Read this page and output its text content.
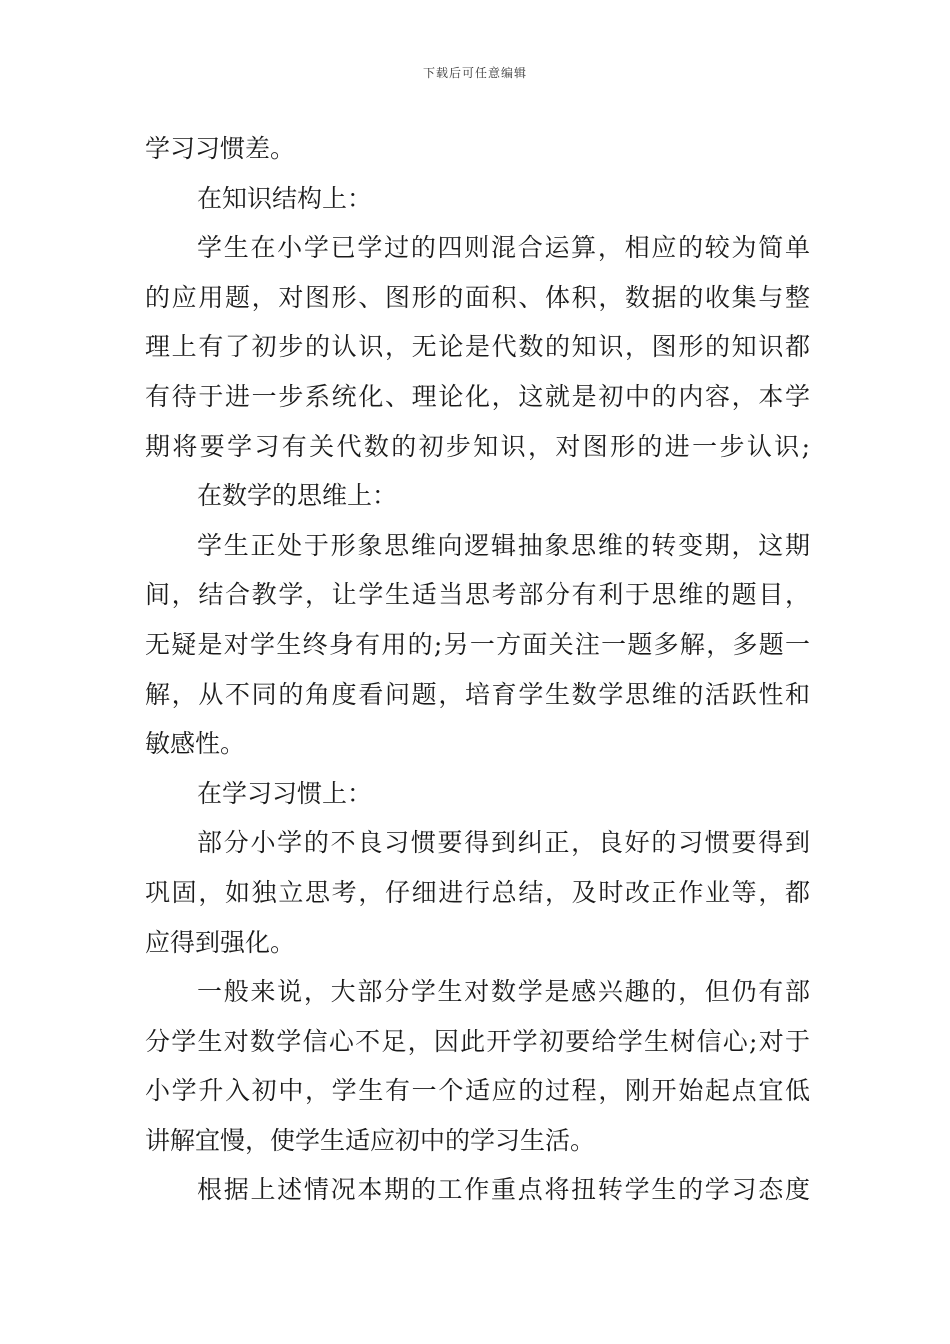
下载后可任意编辑
学习习惯差。
在知识结构上：
学生在小学已学过的四则混合运算，相应的较为简单
的应用题，对图形、图形的面积、体积，数据的收集与整
理上有了初步的认识，无论是代数的知识，图形的知识都
有待于进一步系统化、理论化，这就是初中的内容，本学
期将要学习有关代数的初步知识，对图形的进一步认识;
在数学的思维上：
学生正处于形象思维向逻辑抽象思维的转变期，这期
间，结合教学，让学生适当思考部分有利于思维的题目，
无疑是对学生终身有用的;另一方面关注一题多解，多题一
解，从不同的角度看问题，培育学生数学思维的活跃性和
敏感性。
在学习习惯上：
部分小学的不良习惯要得到纠正，良好的习惯要得到
巩固，如独立思考，仔细进行总结，及时改正作业等，都
应得到强化。
一般来说，大部分学生对数学是感兴趣的，但仍有部
分学生对数学信心不足，因此开学初要给学生树信心;对于
小学升入初中，学生有一个适应的过程，刚开始起点宜低
讲解宜慢，使学生适应初中的学习生活。
根据上述情况本期的工作重点将扭转学生的学习态度
